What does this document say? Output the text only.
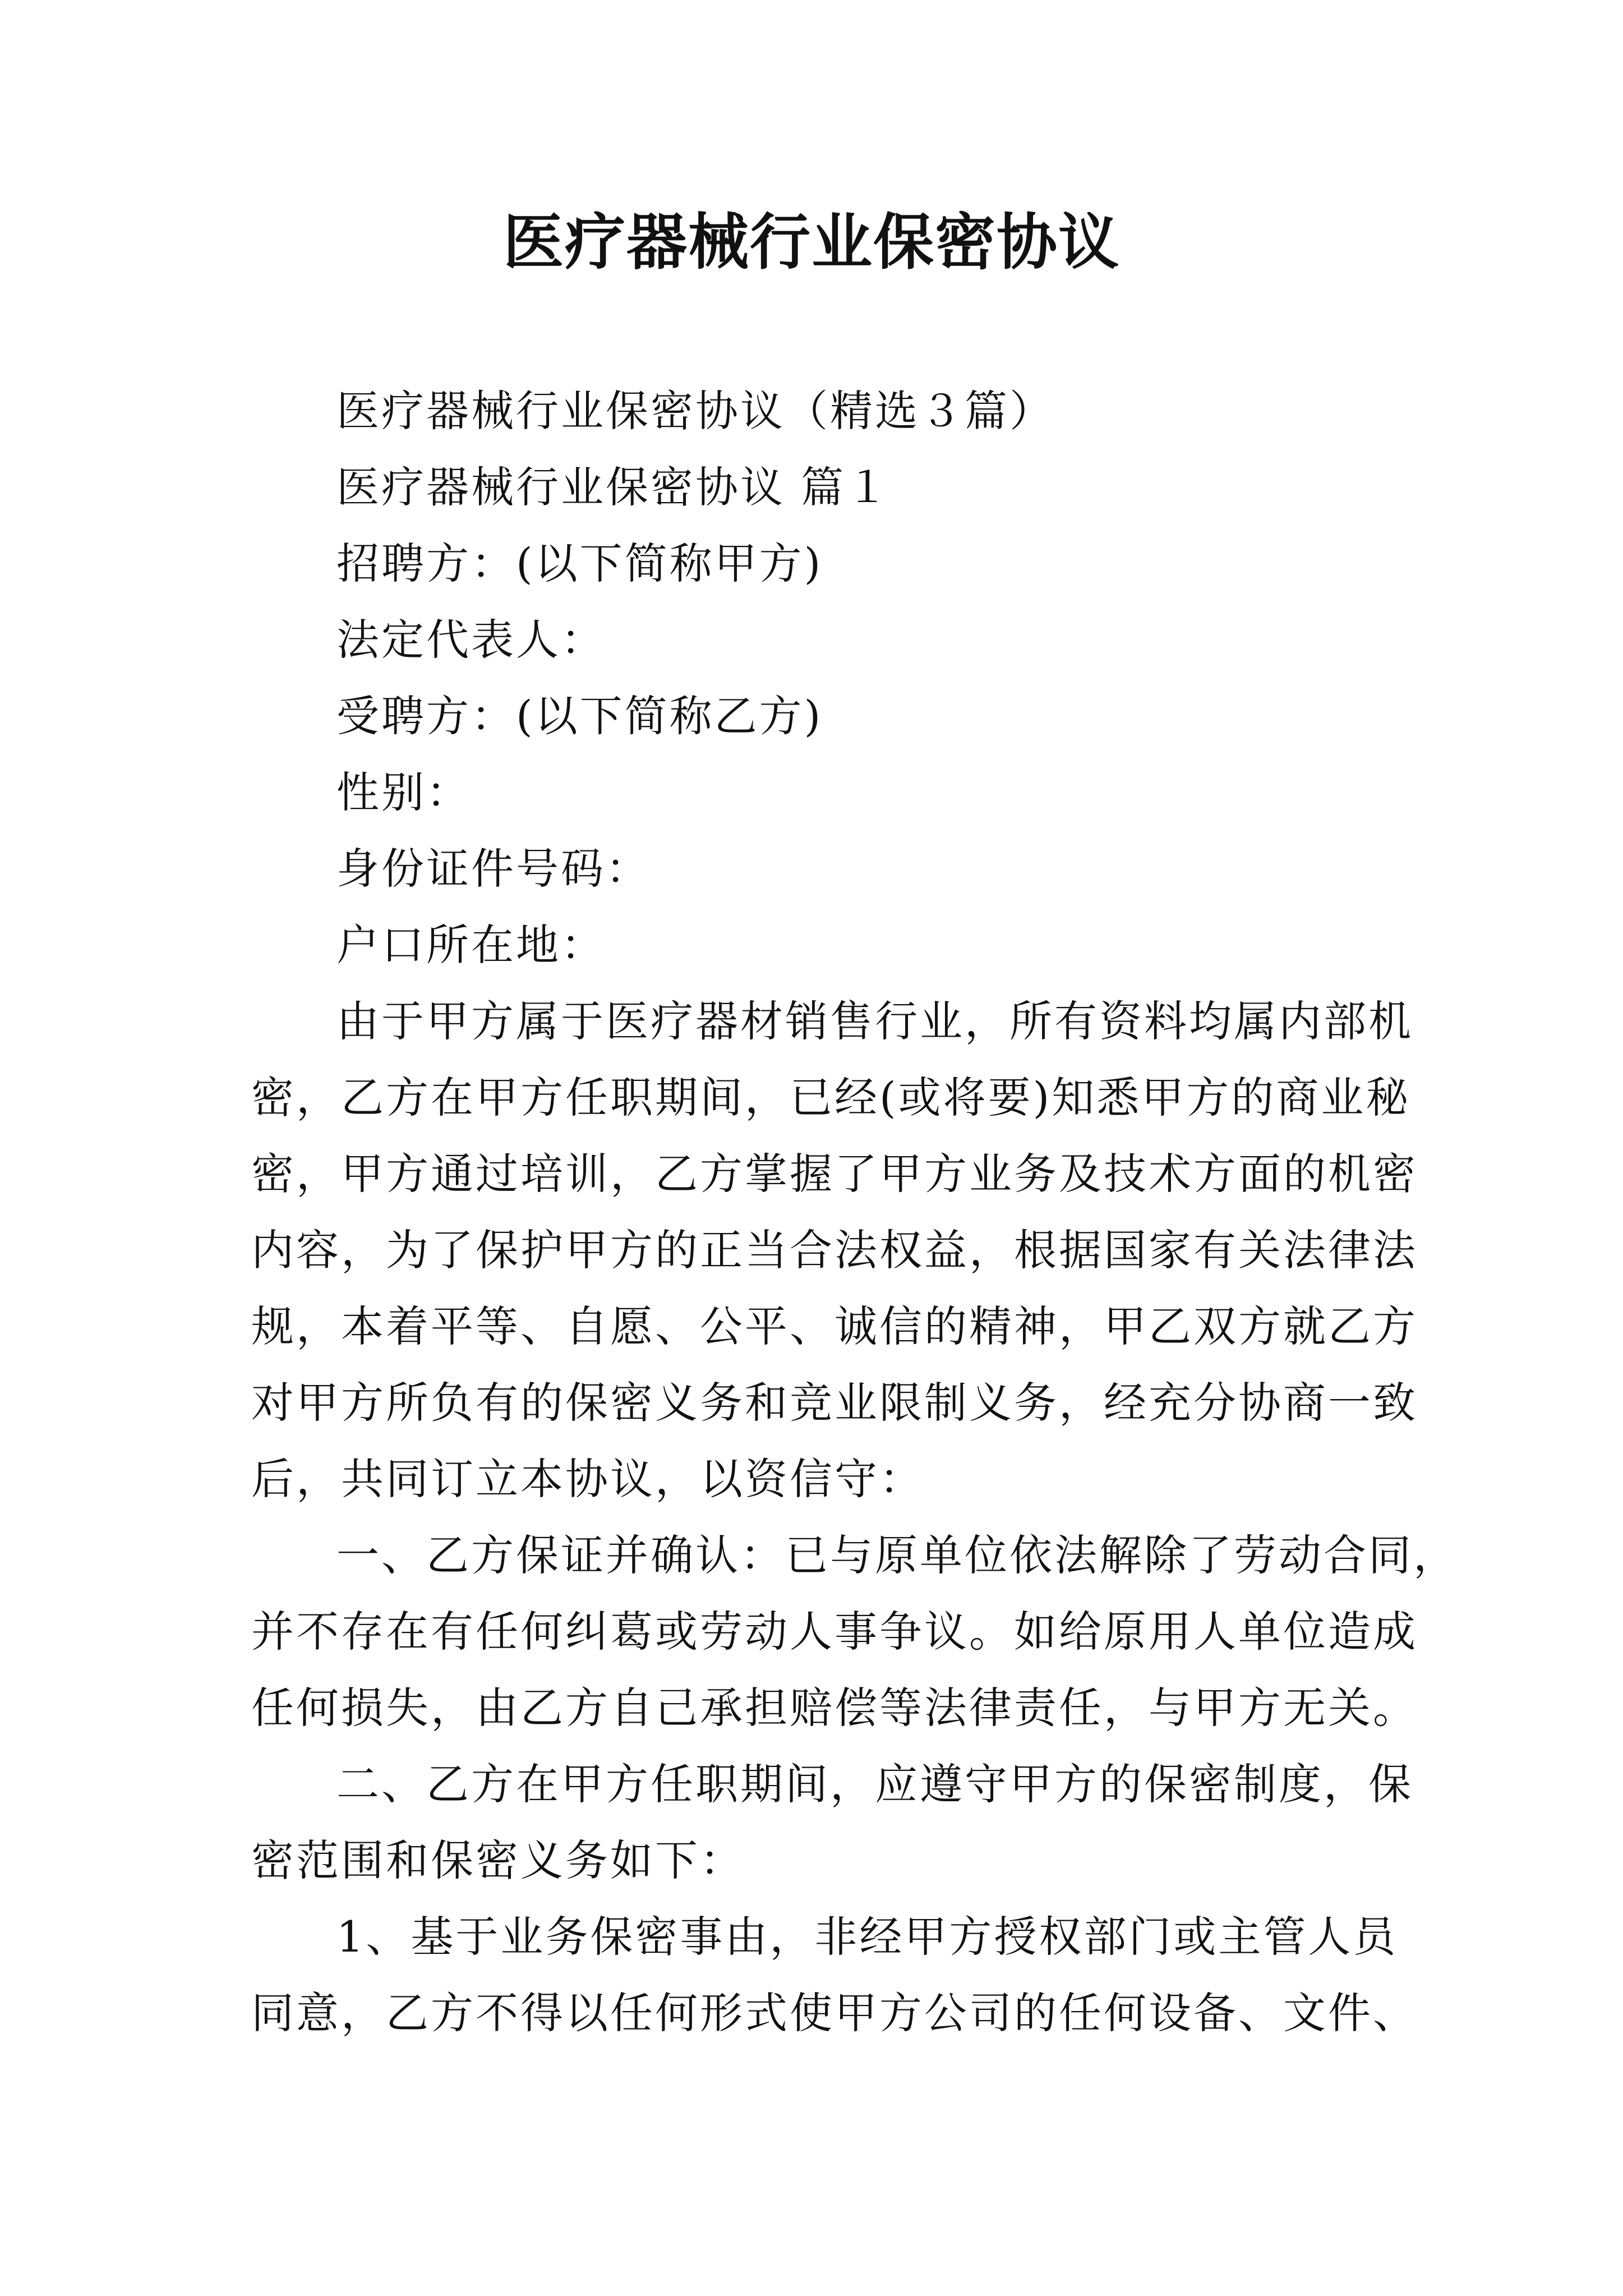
医疗器械行业保密协议
医疗器械行业保密协议（精选３篇）
医疗器械行业保密协议 篇１
招聘方：(以下简称甲方)
法定代表人：
受聘方：(以下简称乙方)
性别：
身份证件号码：
户口所在地：
由于甲方属于医疗器材销售行业，所有资料均属内部机
密，乙方在甲方任职期间，已经(或将要)知悉甲方的商业秘
密，甲方通过培训，乙方掌握了甲方业务及技术方面的机密
内容，为了保护甲方的正当合法权益，根据国家有关法律法
规，本着平等、自愿、公平、诚信的精神，甲乙双方就乙方
对甲方所负有的保密义务和竞业限制义务，经充分协商一致
后，共同订立本协议，以资信守：
一、乙方保证并确认：已与原单位依法解除了劳动合同，
并不存在有任何纠葛或劳动人事争议。如给原用人单位造成
任何损失，由乙方自己承担赔偿等法律责任，与甲方无关。
二、乙方在甲方任职期间，应遵守甲方的保密制度，保
密范围和保密义务如下：
1、基于业务保密事由，非经甲方授权部门或主管人员
同意，乙方不得以任何形式使甲方公司的任何设备、文件、
